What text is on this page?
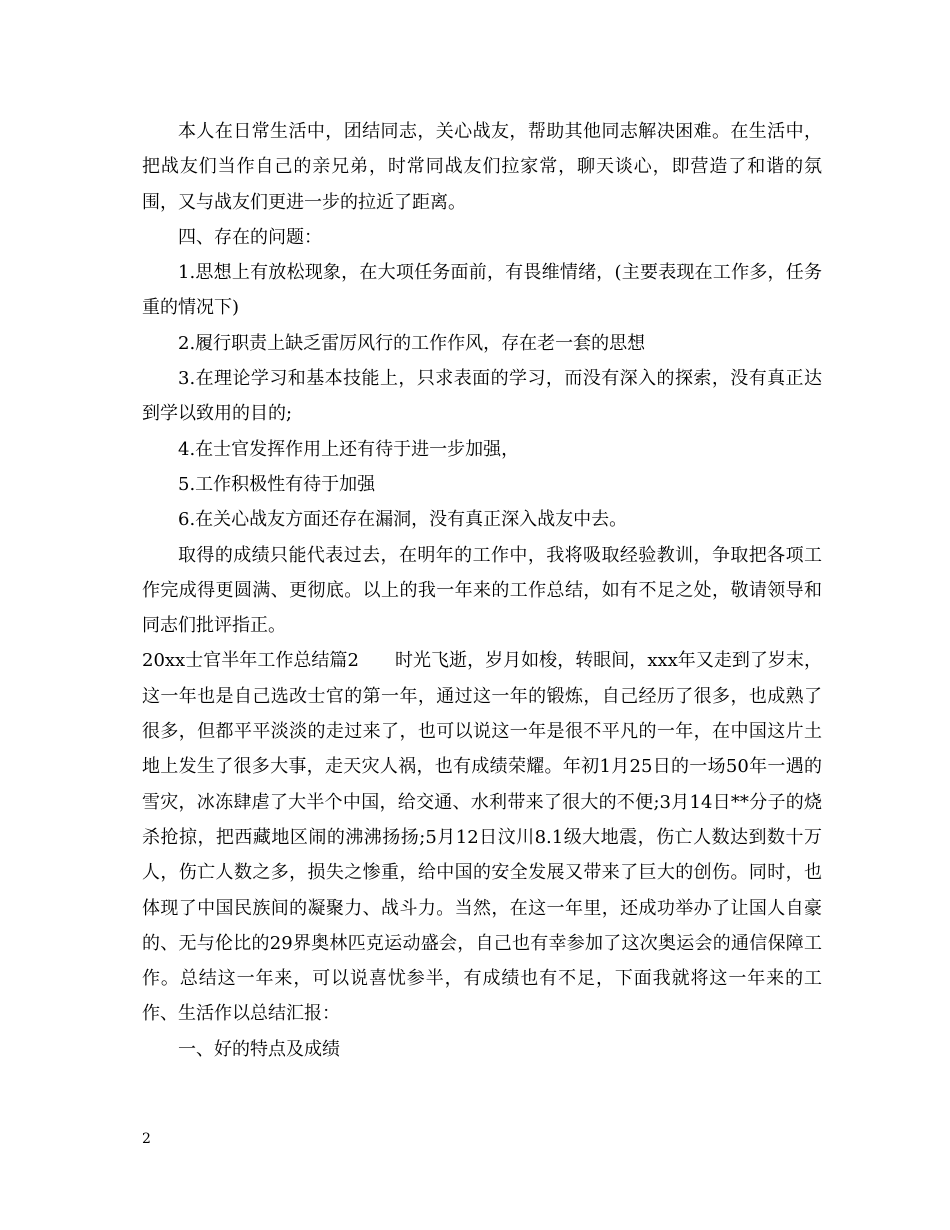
本人在日常生活中，团结同志，关心战友，帮助其他同志解决困难。在生活中，把战友们当作自己的亲兄弟，时常同战友们拉家常，聊天谈心，即营造了和谐的氛围，又与战友们更进一步的拉近了距离。

四、存在的问题：

1.思想上有放松现象，在大项任务面前，有畏维情绪，(主要表现在工作多，任务重的情况下)

2.履行职责上缺乏雷厉风行的工作作风，存在老一套的思想

3.在理论学习和基本技能上，只求表面的学习，而没有深入的探索，没有真正达到学以致用的目的;

4.在士官发挥作用上还有待于进一步加强，

5.工作积极性有待于加强

6.在关心战友方面还存在漏洞，没有真正深入战友中去。

取得的成绩只能代表过去，在明年的工作中，我将吸取经验教训，争取把各项工作完成得更圆满、更彻底。以上的我一年来的工作总结，如有不足之处，敬请领导和同志们批评指正。

20xx士官半年工作总结篇2　　时光飞逝，岁月如梭，转眼间，xxx年又走到了岁末，这一年也是自己选改士官的第一年，通过这一年的锻炼，自己经历了很多，也成熟了很多，但都平平淡淡的走过来了，也可以说这一年是很不平凡的一年，在中国这片土地上发生了很多大事，走天灾人祸，也有成绩荣耀。年初1月25日的一场50年一遇的雪灾，冰冻肆虐了大半个中国，给交通、水利带来了很大的不便;3月14日**分子的烧杀抢掠，把西藏地区闹的沸沸扬扬;5月12日汶川8.1级大地震，伤亡人数达到数十万人，伤亡人数之多，损失之惨重，给中国的安全发展又带来了巨大的创伤。同时，也体现了中国民族间的凝聚力、战斗力。当然，在这一年里，还成功举办了让国人自豪的、无与伦比的29界奥林匹克运动盛会，自己也有幸参加了这次奥运会的通信保障工作。总结这一年来，可以说喜忧参半，有成绩也有不足，下面我就将这一年来的工作、生活作以总结汇报：

一、好的特点及成绩

2
